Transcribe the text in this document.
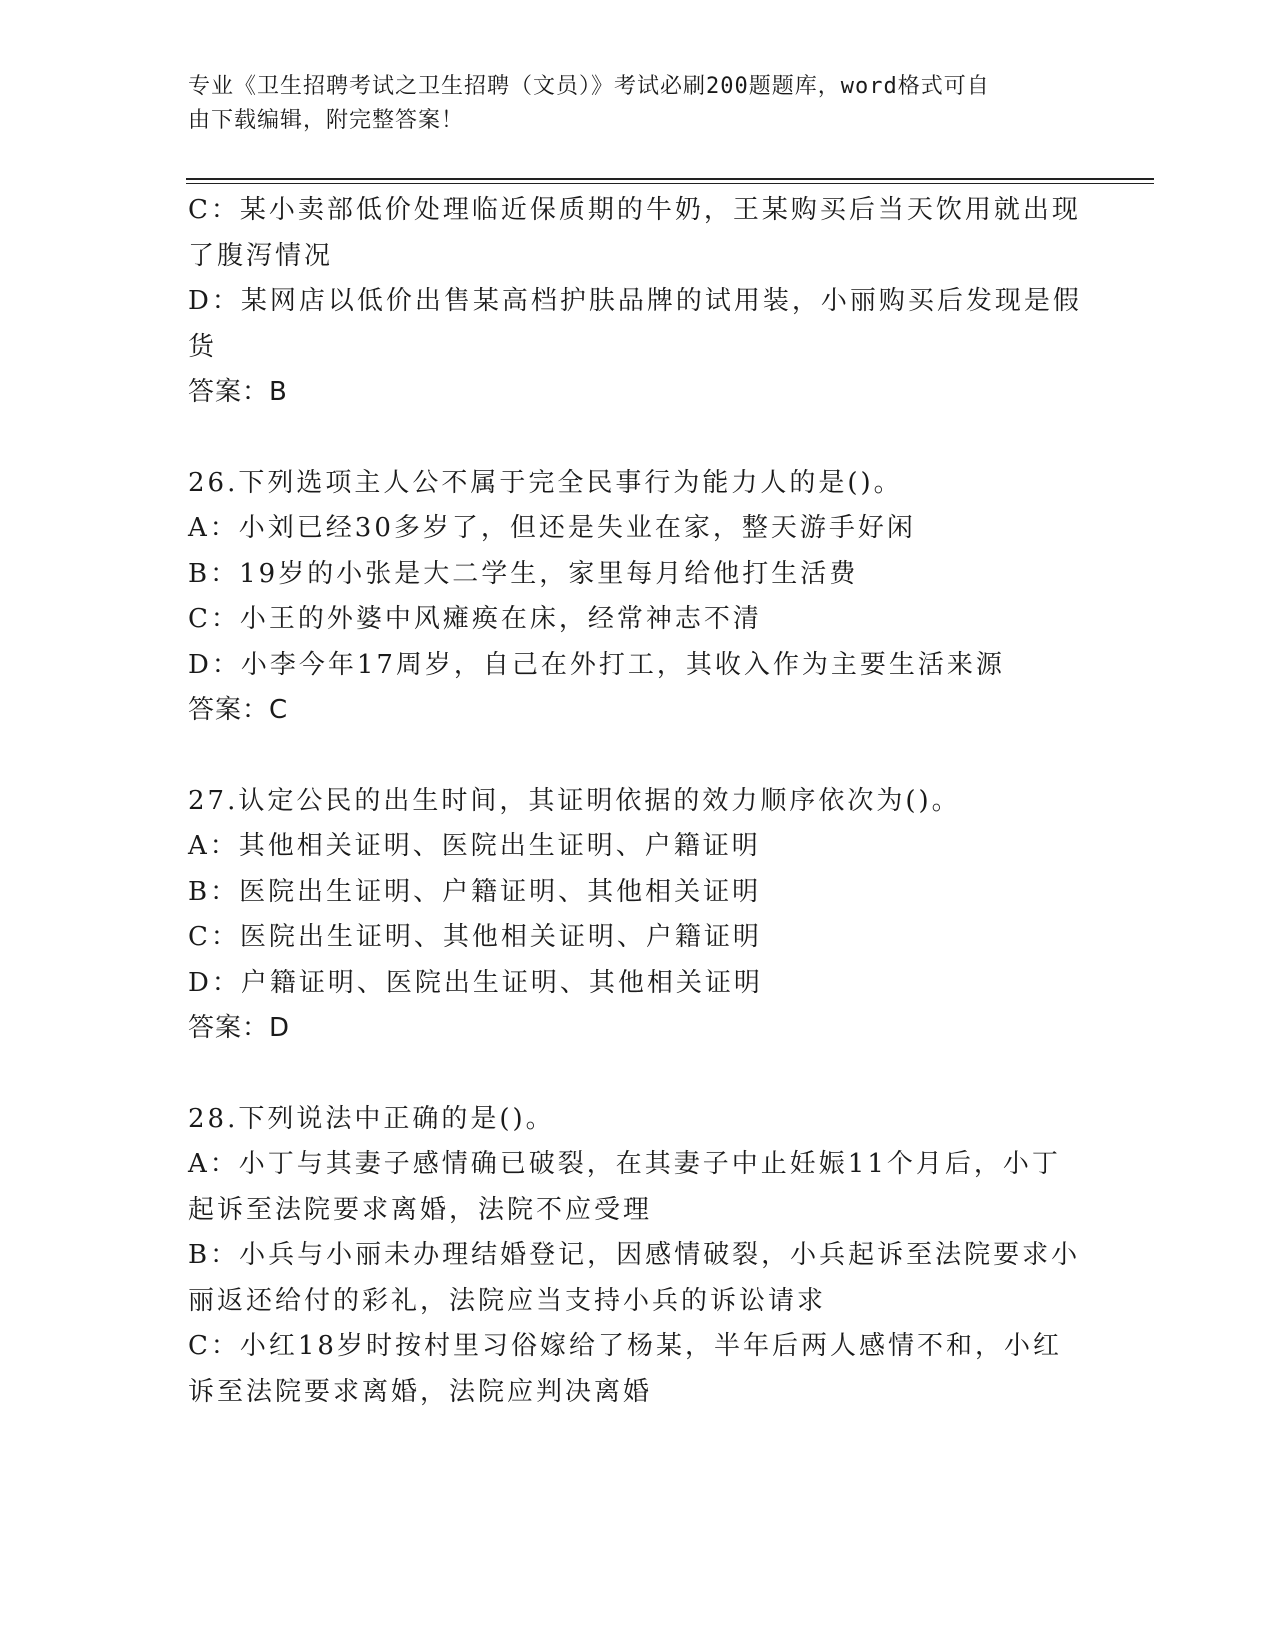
专业《卫生招聘考试之卫生招聘（文员）》考试必刷200题题库，word格式可自
由下载编辑，附完整答案！
C：某小卖部低价处理临近保质期的牛奶，王某购买后当天饮用就出现
了腹泻情况
D：某网店以低价出售某高档护肤品牌的试用装，小丽购买后发现是假
货
答案：B
26.下列选项主人公不属于完全民事行为能力人的是()。
A：小刘已经30多岁了，但还是失业在家，整天游手好闲
B：19岁的小张是大二学生，家里每月给他打生活费
C：小王的外婆中风瘫痪在床，经常神志不清
D：小李今年17周岁，自己在外打工，其收入作为主要生活来源
答案：C
27.认定公民的出生时间，其证明依据的效力顺序依次为()。
A：其他相关证明、医院出生证明、户籍证明
B：医院出生证明、户籍证明、其他相关证明
C：医院出生证明、其他相关证明、户籍证明
D：户籍证明、医院出生证明、其他相关证明
答案：D
28.下列说法中正确的是()。
A：小丁与其妻子感情确已破裂，在其妻子中止妊娠11个月后，小丁
起诉至法院要求离婚，法院不应受理
B：小兵与小丽未办理结婚登记，因感情破裂，小兵起诉至法院要求小
丽返还给付的彩礼，法院应当支持小兵的诉讼请求
C：小红18岁时按村里习俗嫁给了杨某，半年后两人感情不和，小红
诉至法院要求离婚，法院应判决离婚
